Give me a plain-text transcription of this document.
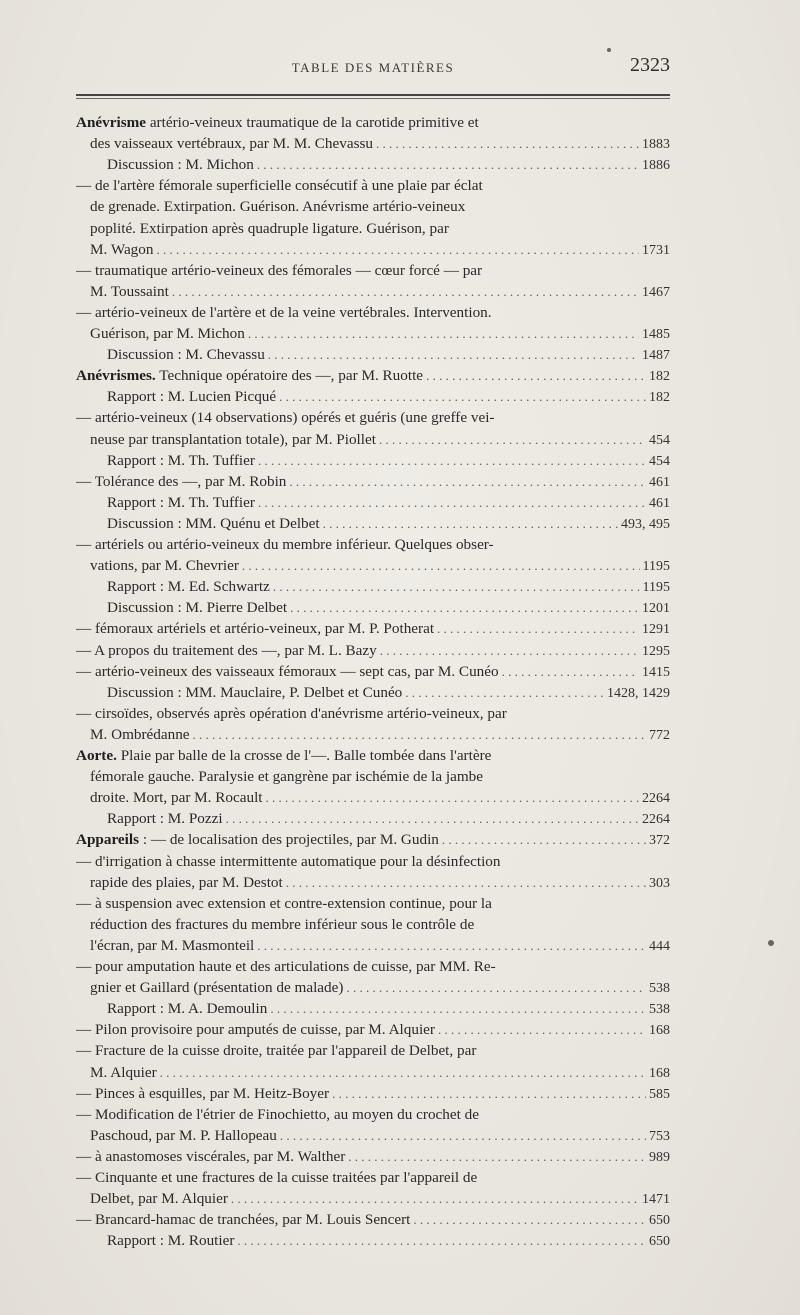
TABLE DES MATIÈRES	2323
Anévrisme artério-veineux traumatique de la carotide primitive et
des vaisseaux vertébraux, par M. M. Chevassu . . .	1883
Discussion : M. Michon . . .	1886
— de l'artère fémorale superficielle consécutif à une plaie par éclat
de grenade. Extirpation. Guérison. Anévrisme artério-veineux
poplité. Extirpation après quadruple ligature. Guérison, par
M. Wagon . . .	1731
— traumatique artério-veineux des fémorales — cœur forcé — par
M. Toussaint . . .	1467
— artério-veineux de l'artère et de la veine vertébrales. Intervention.
Guérison, par M. Michon . . .	1485
Discussion : M. Chevassu . . .	1487
Anévrismes. Technique opératoire des —, par M. Ruotte . . .	182
Rapport : M. Lucien Picqué . . .	182
— artério-veineux (14 observations) opérés et guéris (une greffe vei-
neuse par transplantation totale), par M. Piollet . . .	454
Rapport : M. Th. Tuffier . . .	454
— Tolérance des —, par M. Robin . . .	461
Rapport : M. Th. Tuffier . . .	461
Discussion : MM. Quénu et Delbet . . .	493, 495
— artériels ou artério-veineux du membre inférieur. Quelques obser-
vations, par M. Chevrier . . .	1195
Rapport : M. Ed. Schwartz . . .	1195
Discussion : M. Pierre Delbet . . .	1201
— fémoraux artériels et artério-veineux, par M. P. Potherat . . .	1291
— A propos du traitement des —, par M. L. Bazy . . .	1295
— artério-veineux des vaisseaux fémoraux — sept cas, par M. Cunéo . . .	1415
Discussion : MM. Mauclaire, P. Delbet et Cunéo . . .	1428, 1429
— cirsoïdes, observés après opération d'anévrisme artério-veineux, par
M. Ombrédanne . . .	772
Aorte. Plaie par balle de la crosse de l'—. Balle tombée dans l'artère
fémorale gauche. Paralysie et gangrène par ischémie de la jambe
droite. Mort, par M. Rocault . . .	2264
Rapport : M. Pozzi . . .	2264
Appareils : — de localisation des projectiles, par M. Gudin . . .	372
— d'irrigation à chasse intermittente automatique pour la désinfection
rapide des plaies, par M. Destot . . .	303
— à suspension avec extension et contre-extension continue, pour la
réduction des fractures du membre inférieur sous le contrôle de
l'écran, par M. Masmonteil . . .	444
— pour amputation haute et des articulations de cuisse, par MM. Re-
gnier et Gaillard (présentation de malade) . . .	538
Rapport : M. A. Demoulin . . .	538
— Pilon provisoire pour amputés de cuisse, par M. Alquier . . .	168
— Fracture de la cuisse droite, traitée par l'appareil de Delbet, par
M. Alquier . . .	168
— Pinces à esquilles, par M. Heitz-Boyer . . .	585
— Modification de l'étrier de Finochietto, au moyen du crochet de
Paschoud, par M. P. Hallopeau . . .	753
— à anastomoses viscérales, par M. Walther . . .	989
— Cinquante et une fractures de la cuisse traitées par l'appareil de
Delbet, par M. Alquier . . .	1471
— Brancard-hamac de tranchées, par M. Louis Sencert . . .	650
Rapport : M. Routier . . .	650
